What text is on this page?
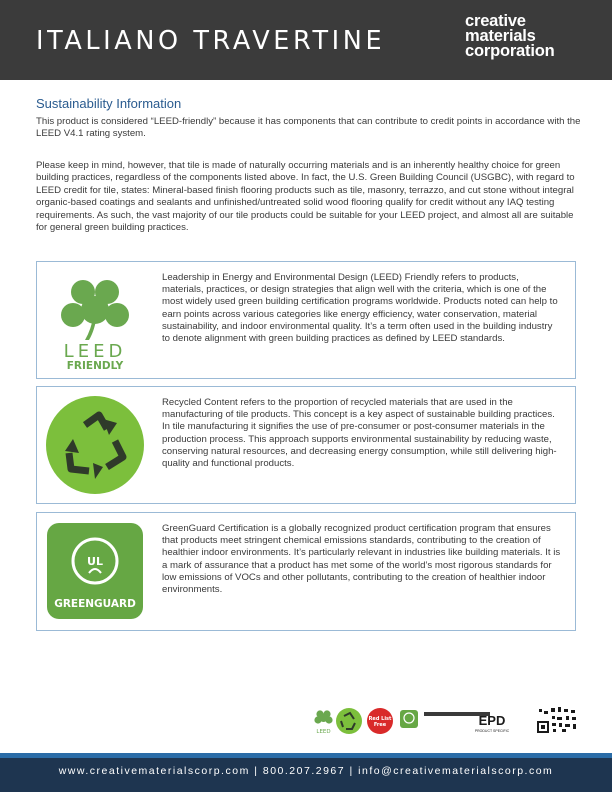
ITALIANO TRAVERTINE
creative
materials
corporation
Sustainability Information

This product is considered “LEED-friendly” because it has components that can contribute to credit points in accordance with the LEED V4.1 rating system.

Please keep in mind, however, that tile is made of naturally occurring materials and is an inherently healthy choice for green building practices, regardless of the components listed above. In fact, the U.S. Green Building Council (USGBC), with regard to LEED credit for tile, states: Mineral-based finish flooring products such as tile, masonry, terrazzo, and cut stone without integral organic-based coatings and sealants and unfinished/untreated solid wood flooring qualify for credit without any IAQ testing requirements. As such, the vast majority of our tile products could be suitable for your LEED project, and almost all are suitable for general green building practices.

LEED
FRIENDLY

Leadership in Energy and Environmental Design (LEED) Friendly refers to products, materials, practices, or design strategies that align well with the criteria, which is one of the most widely used green building certification programs worldwide. Products noted can help to earn points across various categories like energy efficiency, water conservation, material sustainability, and indoor environmental quality. It’s a term often used in the building industry to denote alignment with green building practices as defined by LEED standards.

Recycled Content refers to the proportion of recycled materials that are used in the manufacturing of tile products. This concept is a key aspect of sustainable building practices. In tile manufacturing it signifies the use of pre-consumer or post-consumer materials in the production process. This approach supports environmental sustainability by reducing waste, conserving natural resources, and decreasing energy consumption, while still delivering high-quality and functional products.

UL
GREENGUARD

GreenGuard Certification is a globally recognized product certification program that ensures that products meet stringent chemical emissions standards, contributing to the creation of healthier indoor environments. It’s particularly relevant in industries like building materials. It is a mark of assurance that a product has met some of the world’s most rigorous standards for low emissions of VOCs and other pollutants, contributing to the creation of healthier indoor environments.

LEED
Red List
Free	EPD
PRODUCT SPECIFIC
www.creativematerialscorp.com | 800.207.2967 | info@creativematerialscorp.com
